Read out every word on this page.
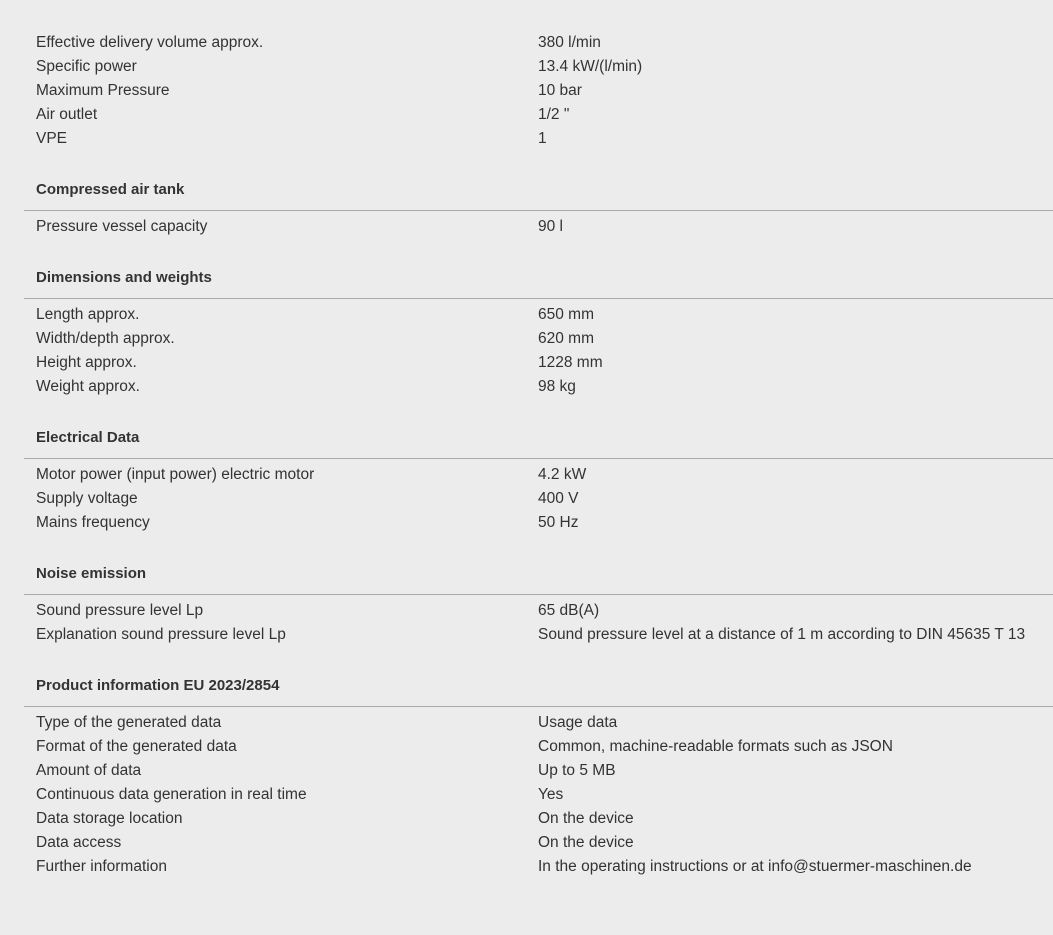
Effective delivery volume approx.	380 l/min
Specific power	13.4 kW/(l/min)
Maximum Pressure	10 bar
Air outlet	1/2 "
VPE	1
Compressed air tank
Pressure vessel capacity	90 l
Dimensions and weights
Length approx.	650 mm
Width/depth approx.	620 mm
Height approx.	1228 mm
Weight approx.	98 kg
Electrical Data
Motor power (input power) electric motor	4.2 kW
Supply voltage	400 V
Mains frequency	50 Hz
Noise emission
Sound pressure level Lp	65 dB(A)
Explanation sound pressure level Lp	Sound pressure level at a distance of 1 m according to DIN 45635 T 13
Product information EU 2023/2854
Type of the generated data	Usage data
Format of the generated data	Common, machine-readable formats such as JSON
Amount of data	Up to 5 MB
Continuous data generation in real time	Yes
Data storage location	On the device
Data access	On the device
Further information	In the operating instructions or at info@stuermer-maschinen.de
